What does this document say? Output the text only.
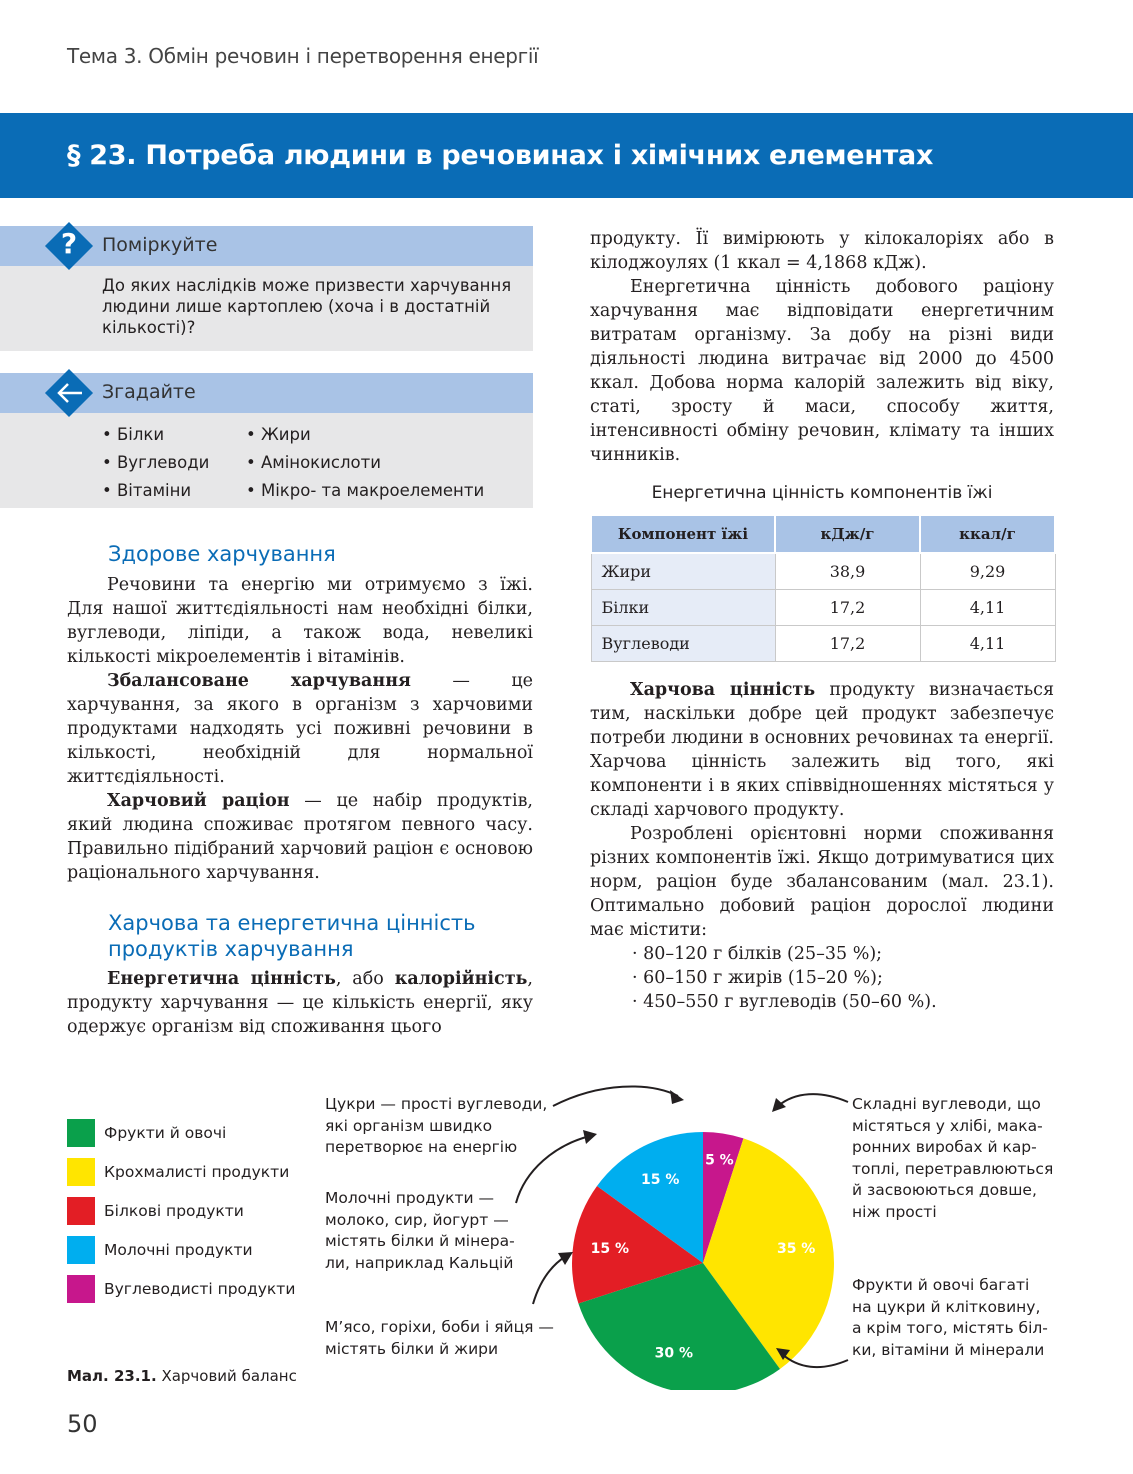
Тема 3. Обмін речовин і перетворення енергії
§ 23. Потреба людини в речовинах і хімічних елементах
?	Поміркуйте
До яких наслідків може призвести харчування людини лише картоплею (хоча і в достатній кількості)?
Згадайте
• Білки
• Вуглеводи
• Вітаміни
• Жири
• Амінокислоти
• Мікро- та макроелементи
Здорове харчування

Речовини та енергію ми отримуємо з їжі. Для нашої життєдіяльності нам необхідні білки, вуглеводи, ліпіди, а також вода, невеликі кількості мікроелементів і вітамінів.

Збалансоване харчування — це харчування, за якого в організм з харчовими продуктами надходять усі поживні речовини в кількості, необхідній для нормальної життєдіяльності.

Харчовий раціон — це набір продуктів, який людина споживає протягом певного часу. Правильно підібраний харчовий раціон є основою раціонального харчування.

Харчова та енергетична цінність
продуктів харчування

Енергетична цінність, або калорійність, продукту харчування — це кількість енергії, яку одержує організм від споживання цього

продукту. Її вимірюють у кілокалоріях або в кілоджоулях (1 ккал = 4,1868 кДж).

Енергетична цінність добового раціону харчування має відповідати енергетичним витратам організму. За добу на різні види діяльності людина витрачає від 2000 до 4500 ккал. Добова норма калорій залежить від віку, статі, зросту й маси, способу життя, інтенсивності обміну речовин, клімату та інших чинників.

Енергетична цінність компонентів їжі
Компонент їжі	кДж/г	ккал/г
Жири	38,9	9,29
Білки	17,2	4,11
Вуглеводи	17,2	4,11

Харчова цінність продукту визначається тим, наскільки добре цей продукт забезпечує потреби людини в основних речовинах та енергії. Харчова цінність залежить від того, які компоненти і в яких співвідношеннях містяться у складі харчового продукту.

Розроблені орієнтовні норми споживання різних компонентів їжі. Якщо дотримуватися цих норм, раціон буде збалансованим (мал. 23.1). Оптимально добовий раціон дорослої людини має містити:

· 80–120 г білків (25–35 %);
· 60–150 г жирів (15–20 %);
· 450–550 г вуглеводів (50–60 %).
Фрукти й овочі
Крохмалисті продукти
Білкові продукти
Молочні продукти
Вуглеводисті продукти
Цукри — прості вуглеводи,
які організм швидко
перетворює на енергію
Молочні продукти —
молоко, сир, йогурт —
містять білки й мінера-
ли, наприклад Кальцій
М’ясо, горіхи, боби і яйця —
містять білки й жири
Складні вуглеводи, що
містяться у хлібі, мака-
ронних виробах й кар-
топлі, перетравлюються
й засвоюються довше,
ніж прості
Фрукти й овочі багаті
на цукри й клітковину,
а крім того, містять біл-
ки, вітаміни й мінерали
5 %
35 %
30 %
15 %
15 %
Мал. 23.1. Харчовий баланс
50
